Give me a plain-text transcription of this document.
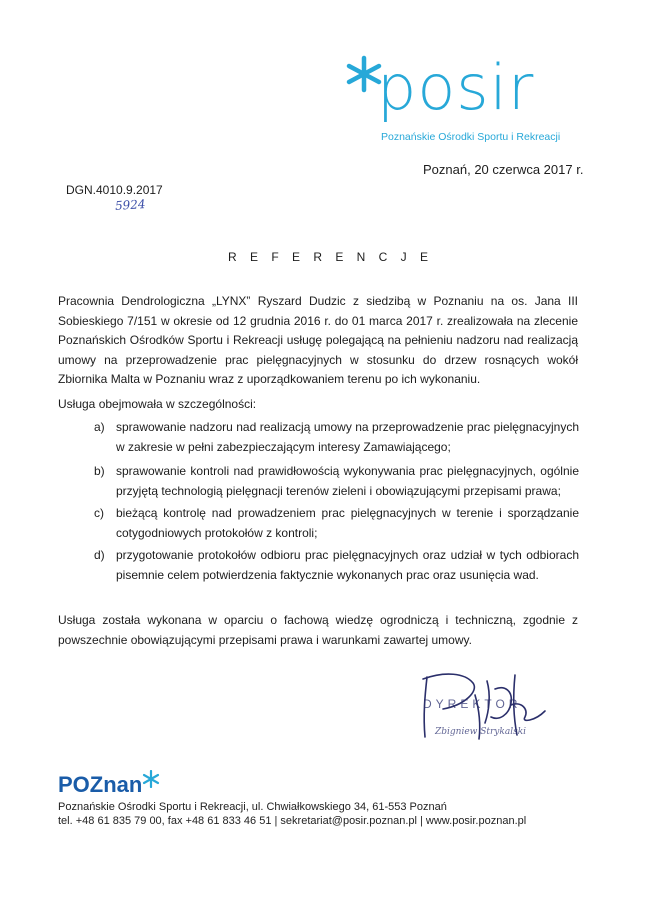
posir
Poznańskie Ośrodki Sportu i Rekreacji
Poznań, 20 czerwca 2017 r.
DGN.4010.9.2017
5924
R E F E R E N C J E
Pracownia Dendrologiczna „LYNX” Ryszard Dudzic z siedzibą w Poznaniu na os. Jana III Sobieskiego 7/151 w okresie od 12 grudnia 2016 r. do 01 marca 2017 r. zrealizowała na zlecenie Poznańskich Ośrodków Sportu i Rekreacji usługę polegającą na pełnieniu nadzoru nad realizacją umowy na przeprowadzenie prac pielęgnacyjnych w stosunku do drzew rosnących wokół Zbiornika Malta w Poznaniu wraz z uporządkowaniem terenu po ich wykonaniu.
Usługa obejmowała w szczególności:
a) sprawowanie nadzoru nad realizacją umowy na przeprowadzenie prac pielęgnacyjnych w zakresie w pełni zabezpieczającym interesy Zamawiającego;
b) sprawowanie kontroli nad prawidłowością wykonywania prac pielęgnacyjnych, ogólnie przyjętą technologią pielęgnacji terenów zieleni i obowiązującymi przepisami prawa;
c) bieżącą kontrolę nad prowadzeniem prac pielęgnacyjnych w terenie i sporządzanie cotygodniowych protokołów z kontroli;
d) przygotowanie protokołów odbioru prac pielęgnacyjnych oraz udział w tych odbiorach pisemnie celem potwierdzenia faktycznie wykonanych prac oraz usunięcia wad.
Usługa została wykonana w oparciu o fachową wiedzę ogrodniczą i techniczną, zgodnie z powszechnie obowiązującymi przepisami prawa i warunkami zawartej umowy.
DYREKTOR
Zbigniew Strykalski
POZnan
Poznańskie Ośrodki Sportu i Rekreacji, ul. Chwiałkowskiego 34, 61-553 Poznań
tel. +48 61 835 79 00, fax +48 61 833 46 51 | sekretariat@posir.poznan.pl | www.posir.poznan.pl
